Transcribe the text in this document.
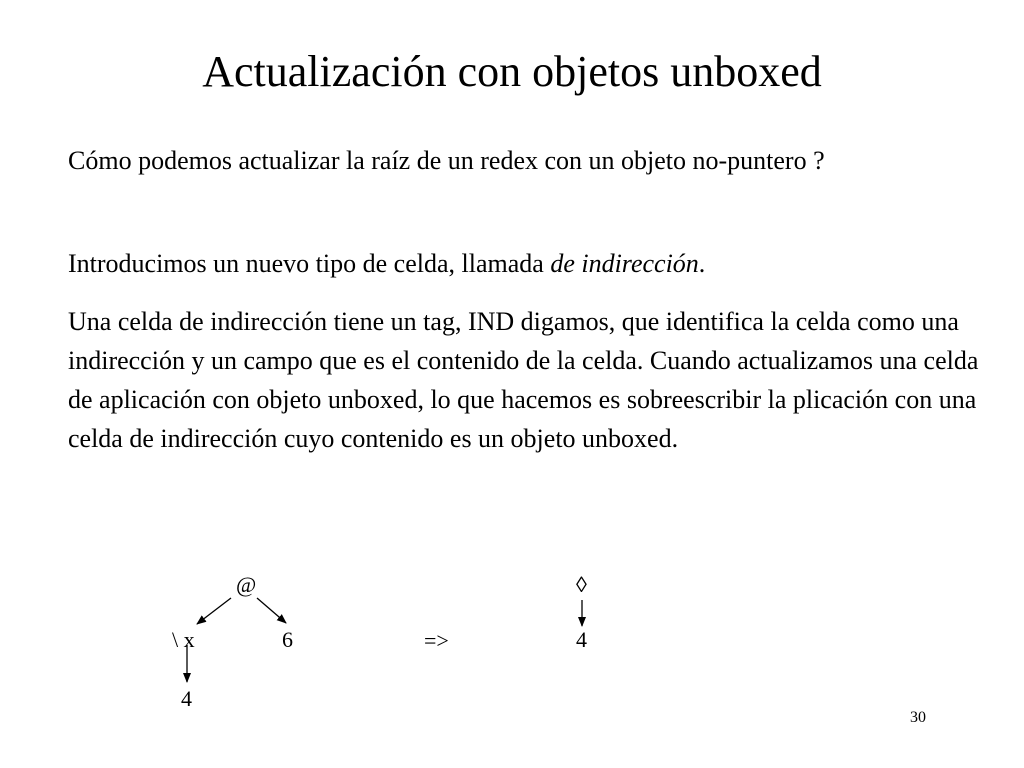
Actualización con objetos unboxed

Cómo podemos actualizar la raíz de un redex con un objeto no-puntero ?

Introducimos un nuevo tipo de celda, llamada de indirección.

Una celda de indirección tiene un tag, IND digamos, que identifica la celda como una indirección y un campo que es el contenido de la celda. Cuando actualizamos una celda de aplicación con objeto unboxed, lo que hacemos es sobreescribir la plicación con una celda de indirección cuyo contenido es un objeto unboxed.

@
\ x	6
4
=>
◊
4
30
